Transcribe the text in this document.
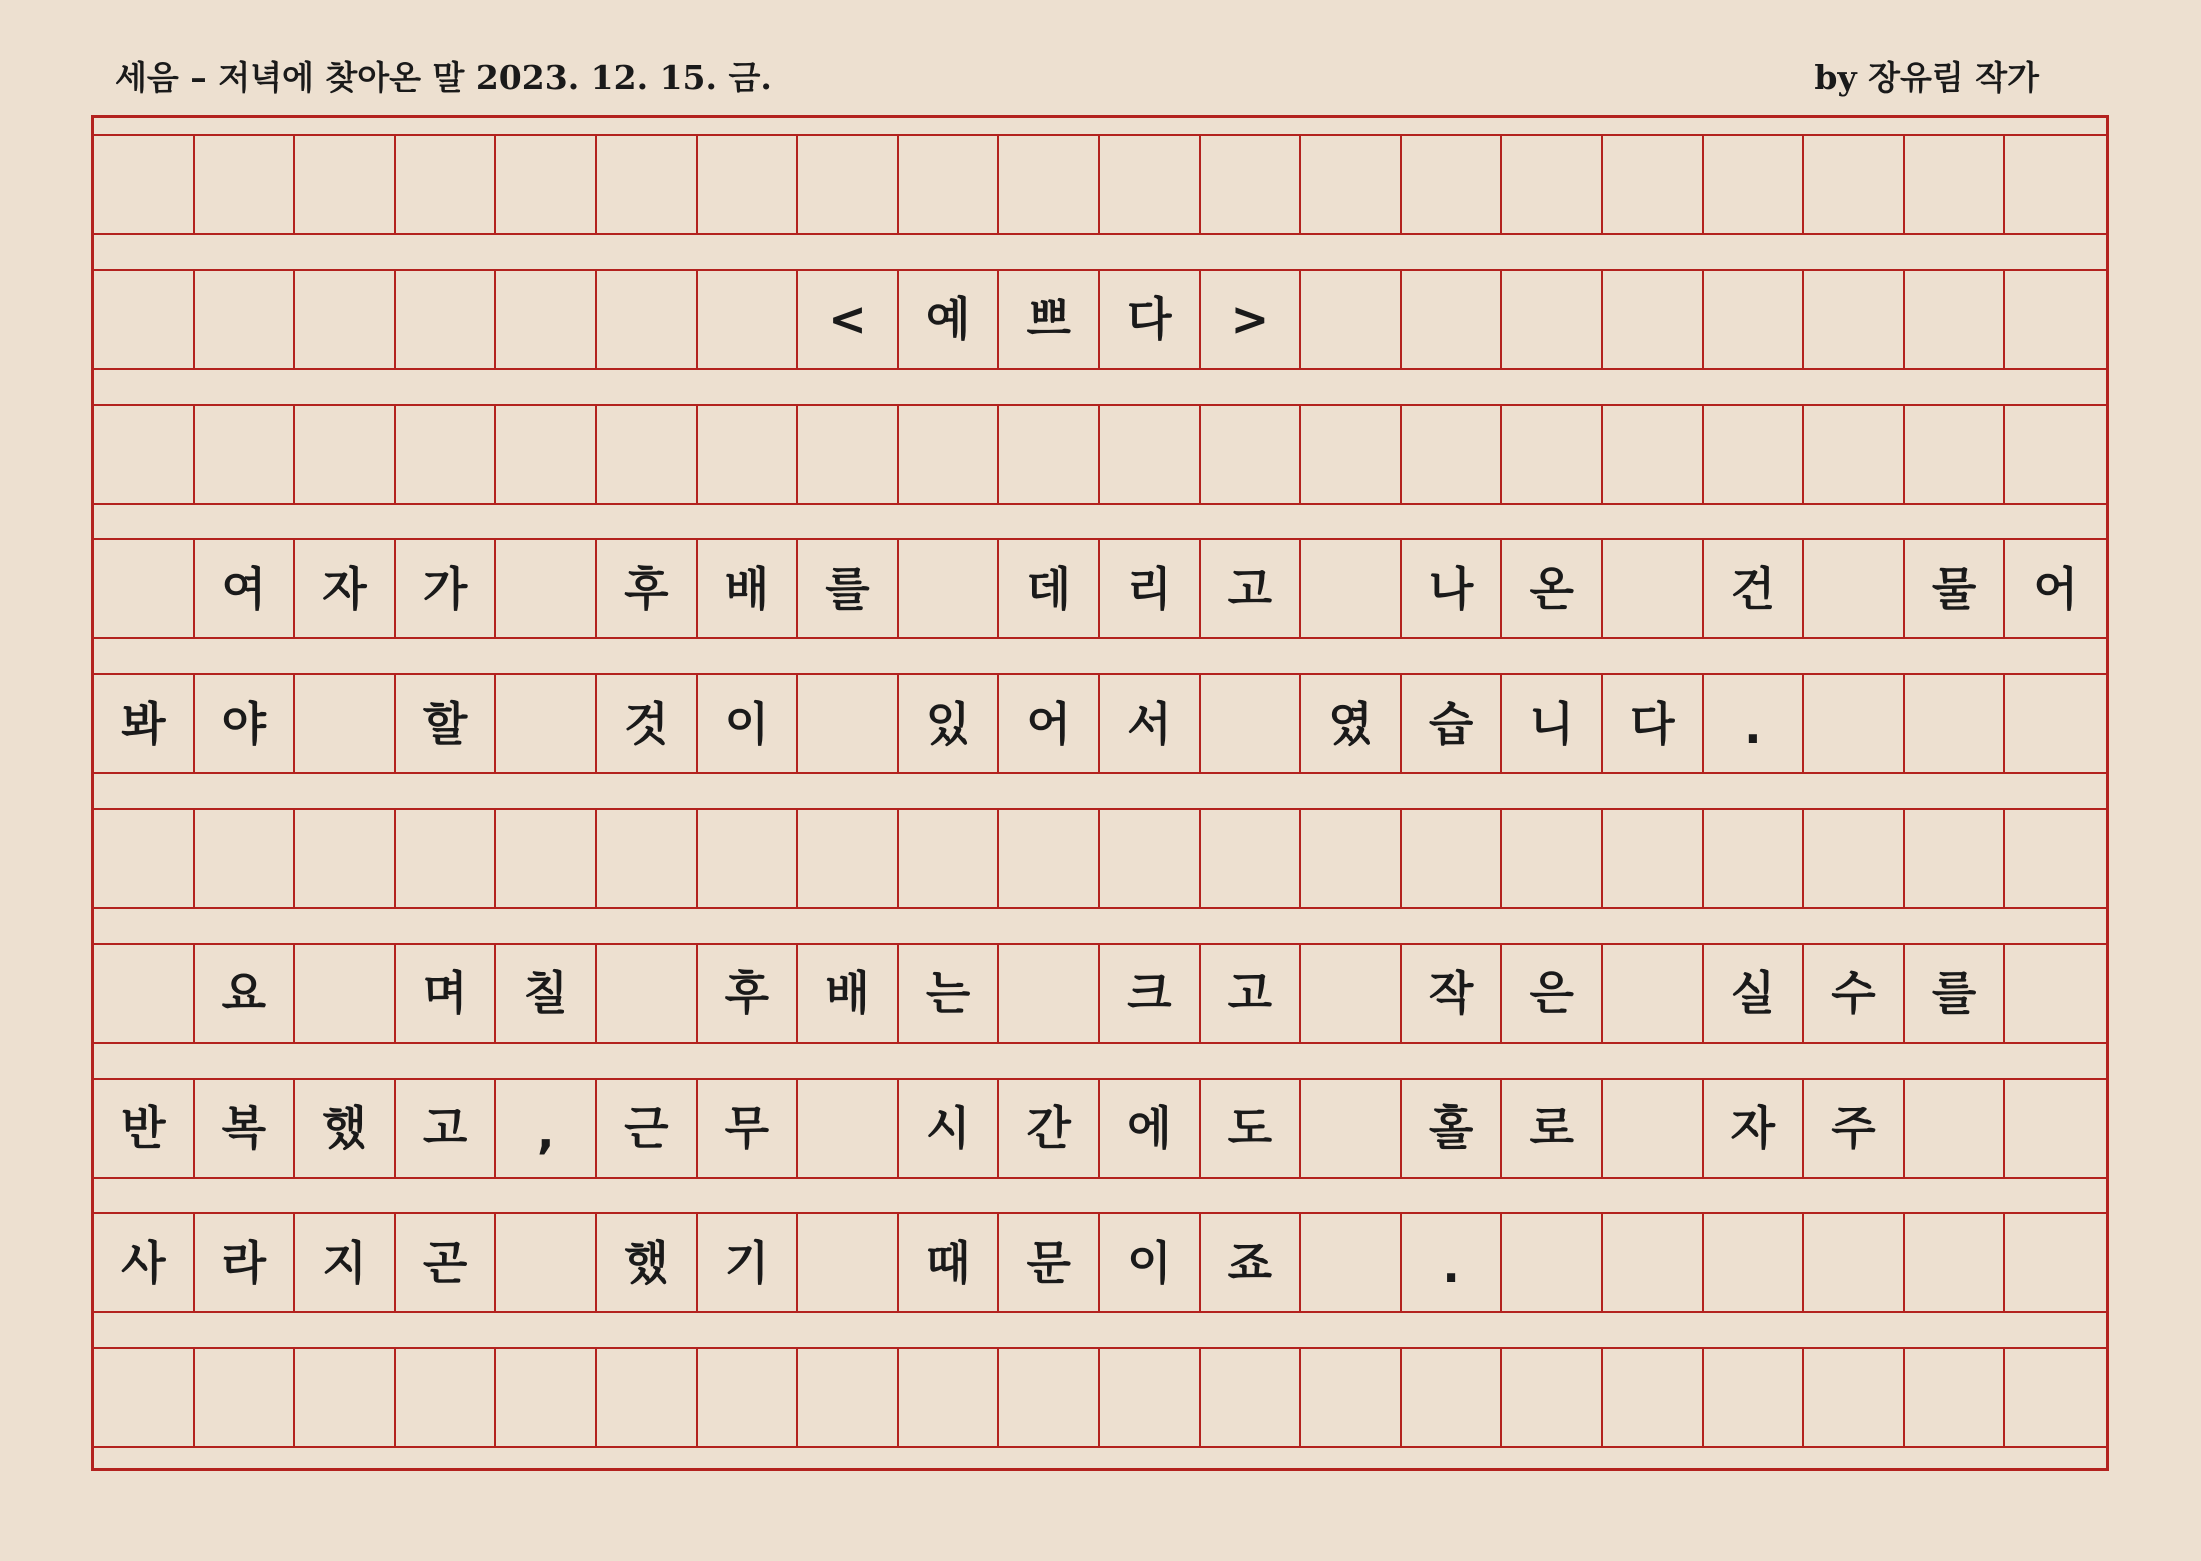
세음 – 저녁에 찾아온 말 2023. 12. 15. 금.	by 장유림 작가
<	예	쁘	다	>
여	자	가	후	배	를	데	리	고	나	온	건	물	어
봐	야	할	것	이	있	어	서	였	습	니	다	.
요	며	칠	후	배	는	크	고	작	은	실	수	를
반	복	했	고	,	근	무	시	간	에	도	홀	로	자	주
사	라	지	곤	했	기	때	문	이	죠	.
